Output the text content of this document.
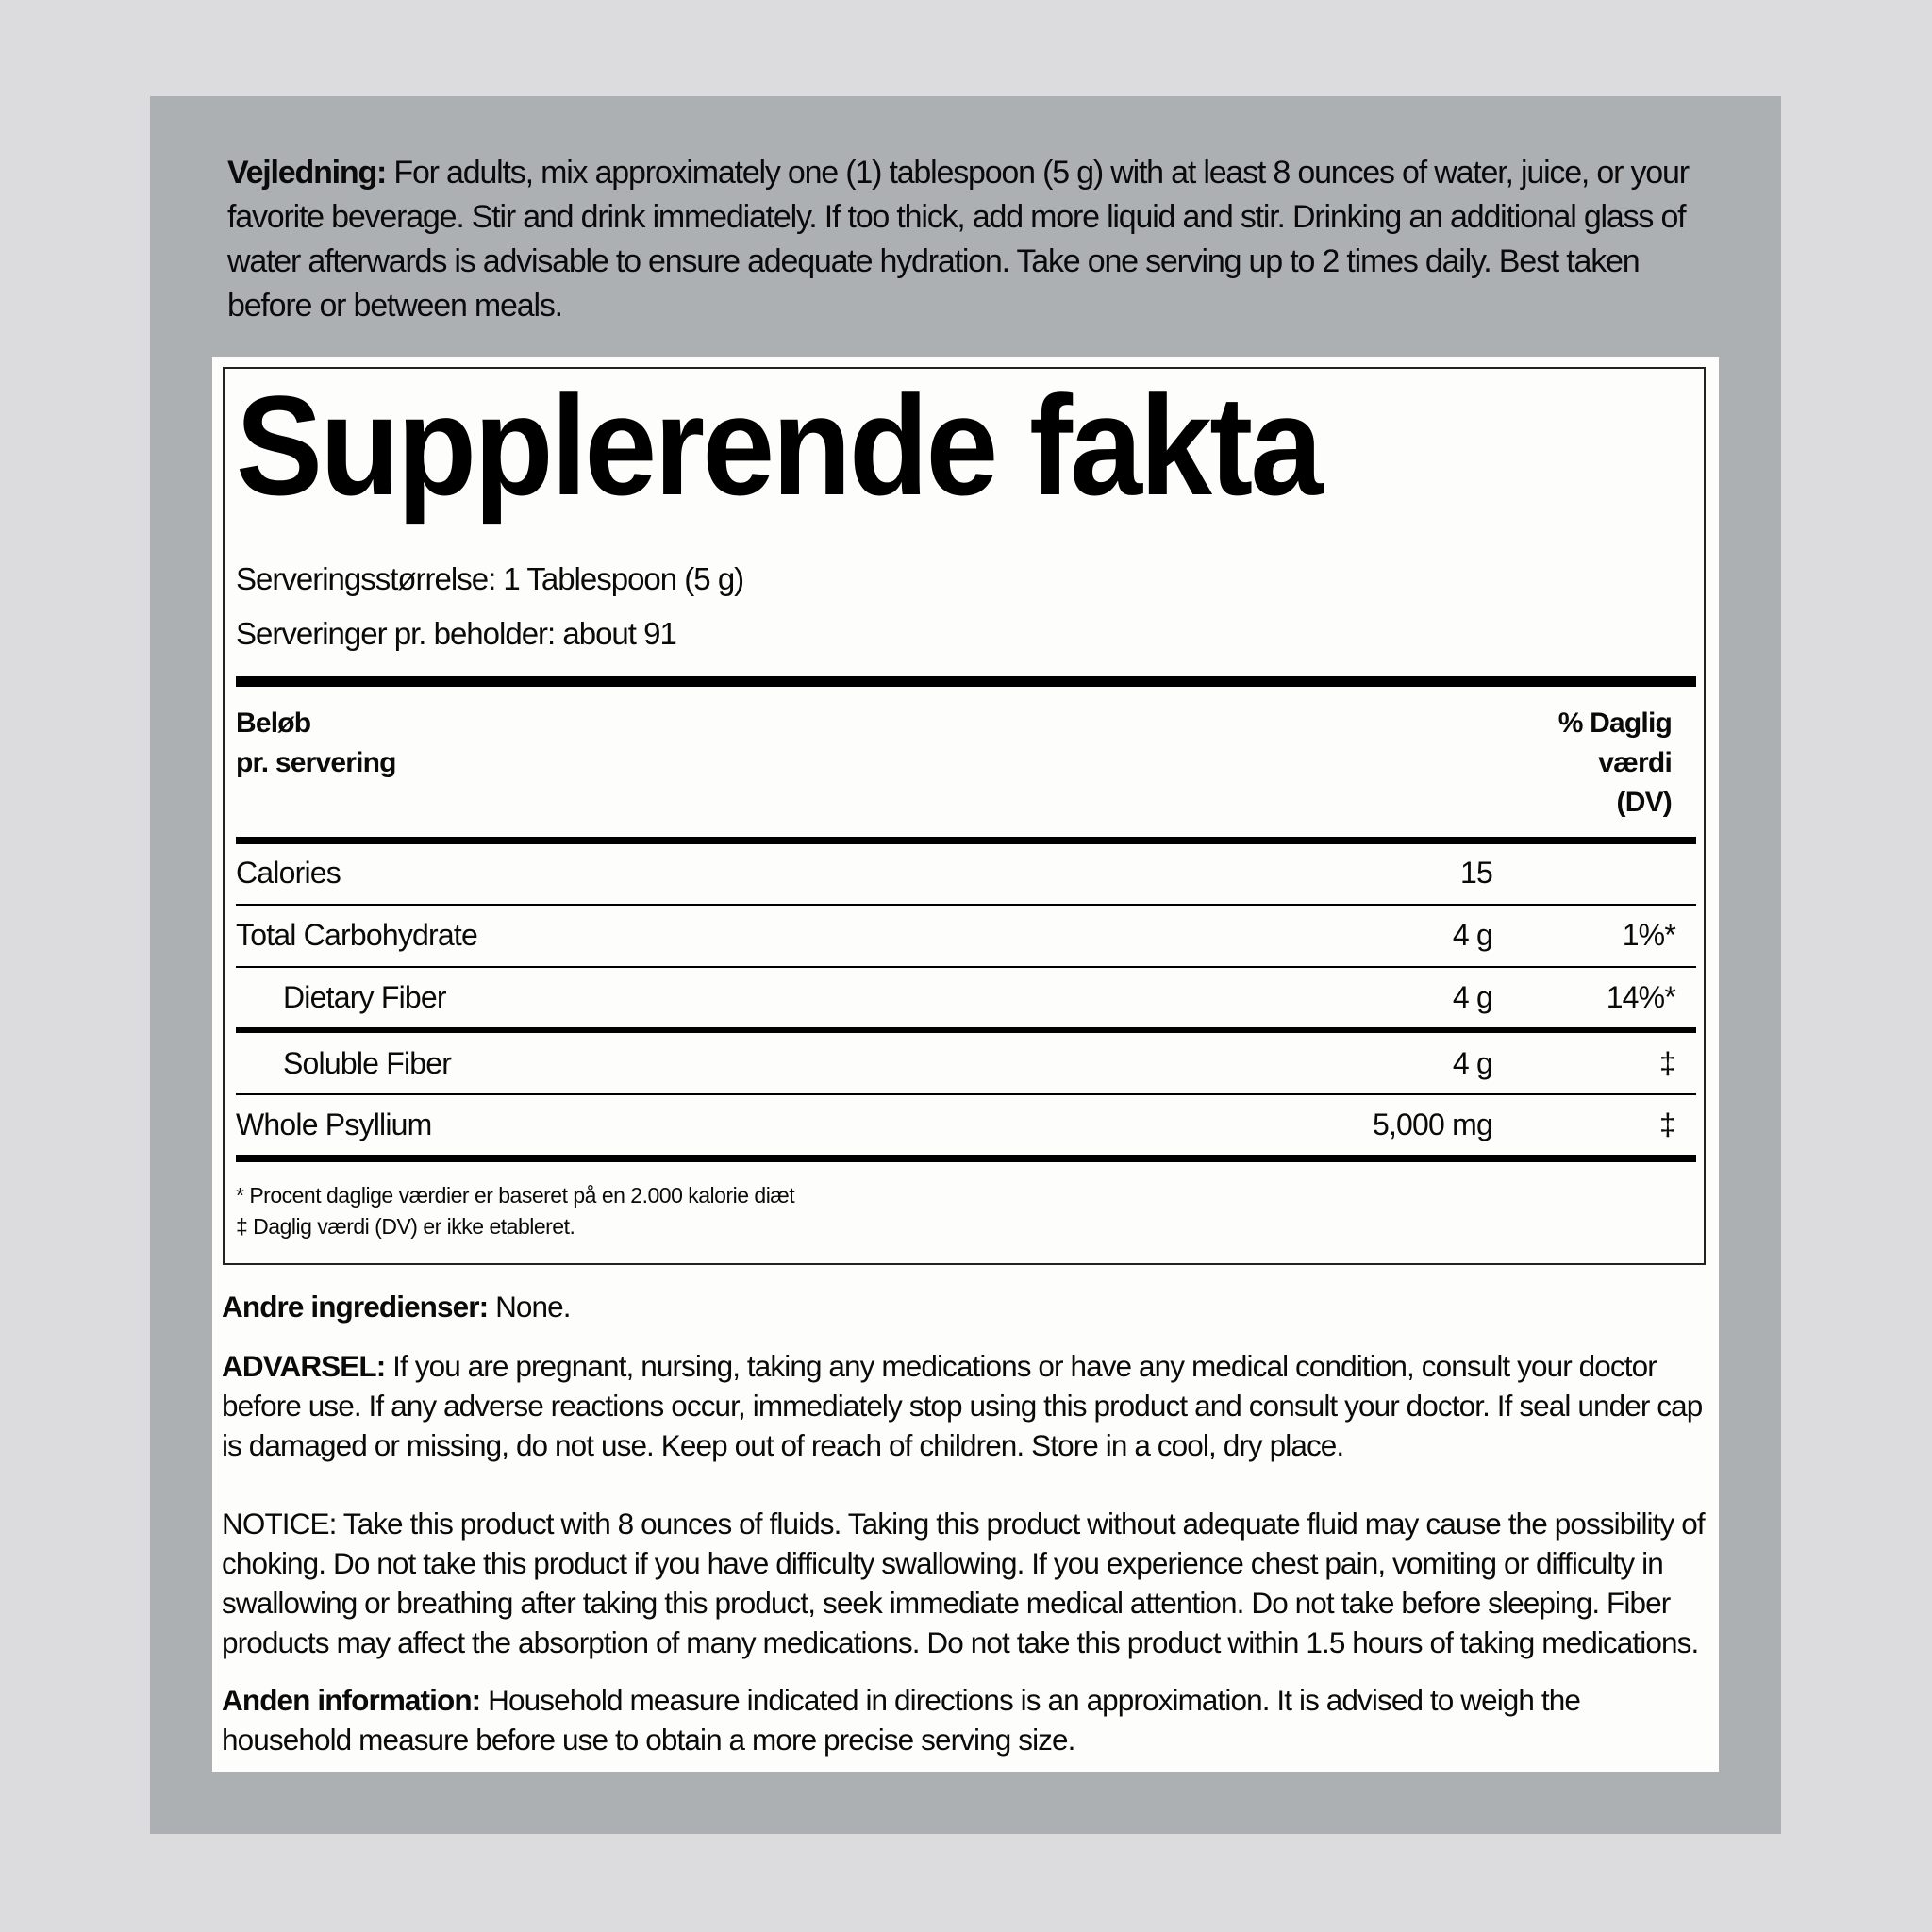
Vejledning: For adults, mix approximately one (1) tablespoon (5 g) with at least 8 ounces of water, juice, or your favorite beverage. Stir and drink immediately. If too thick, add more liquid and stir. Drinking an additional glass of water afterwards is advisable to ensure adequate hydration. Take one serving up to 2 times daily. Best taken before or between meals.

Supplerende fakta
Serveringsstørrelse: 1 Tablespoon (5 g)
Serveringer pr. beholder: about 91
Beløb
pr. servering
% Daglig
værdi
(DV)
Calories	15
Total Carbohydrate	4 g	1%*
Dietary Fiber	4 g	14%*
Soluble Fiber	4 g	‡
Whole Psyllium	5,000 mg	‡
* Procent daglige værdier er baseret på en 2.000 kalorie diæt
‡ Daglig værdi (DV) er ikke etableret.

Andre ingredienser: None.

ADVARSEL: If you are pregnant, nursing, taking any medications or have any medical condition, consult your doctor before use. If any adverse reactions occur, immediately stop using this product and consult your doctor. If seal under cap is damaged or missing, do not use. Keep out of reach of children. Store in a cool, dry place.

NOTICE: Take this product with 8 ounces of fluids. Taking this product without adequate fluid may cause the possibility of choking. Do not take this product if you have difficulty swallowing. If you experience chest pain, vomiting or difficulty in swallowing or breathing after taking this product, seek immediate medical attention. Do not take before sleeping. Fiber products may affect the absorption of many medications. Do not take this product within 1.5 hours of taking medications.

Anden information: Household measure indicated in directions is an approximation. It is advised to weigh the household measure before use to obtain a more precise serving size.
